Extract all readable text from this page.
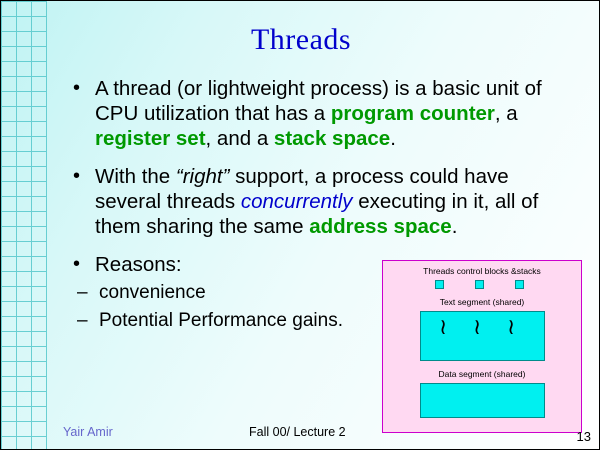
Threads
• A thread (or lightweight process) is a basic unit of CPU utilization that has a program counter, a register set, and a stack space.
• With the “right” support, a process could have several threads concurrently executing in it, all of them sharing the same address space.
• Reasons:
– convenience
– Potential Performance gains.
Threads control blocks &stacks
Text segment (shared)
≀ ≀ ≀
Data segment (shared)
Yair Amir	Fall 00/ Lecture 2	13
